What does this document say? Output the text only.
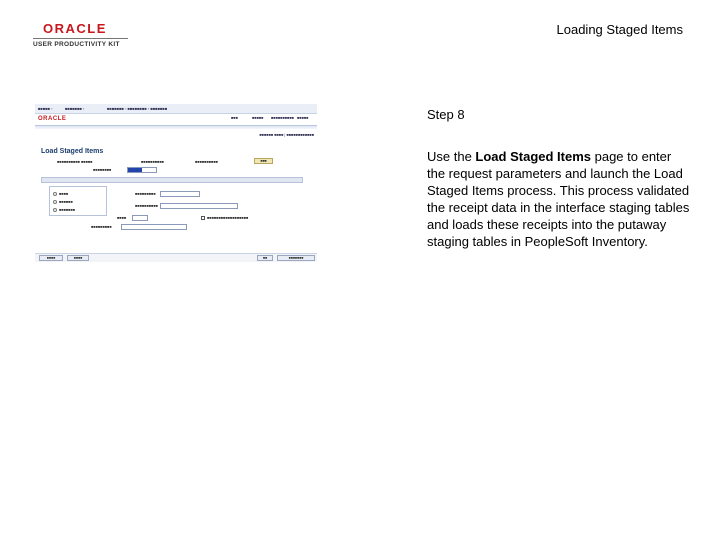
ORACLE
USER PRODUCTIVITY KIT
Loading Staged Items
■■■■■ ›	■■■■■■■ ›	■■■■■■■ › ■■■■■■■■ › ■■■■■■■
ORACLE	■■■	■■■■■ ■■■■■■■■■■ ■■■■■
■■■■■■ ■■■■ | ■■■■■■■■■■■■
Load Staged Items
■■■■■■■■■■ ■■■■■	■■■■■■■■■■	■■■■■■■■■■	■■■
■■■■■■■■
■■■■
■■■■■■
■■■■■■■
■■■■■■■■■
■■■■■■■■■■
■■■■	■■■■■■■■■■■■■■■■■■
■■■■■■■■■
■■■■	■■■■	■■	■■■■■■■
Step 8
Use the Load Staged Items page to enter the request parameters and launch the Load Staged Items process. This process validated the receipt data in the interface staging tables and loads these receipts into the putaway staging tables in PeopleSoft Inventory.
